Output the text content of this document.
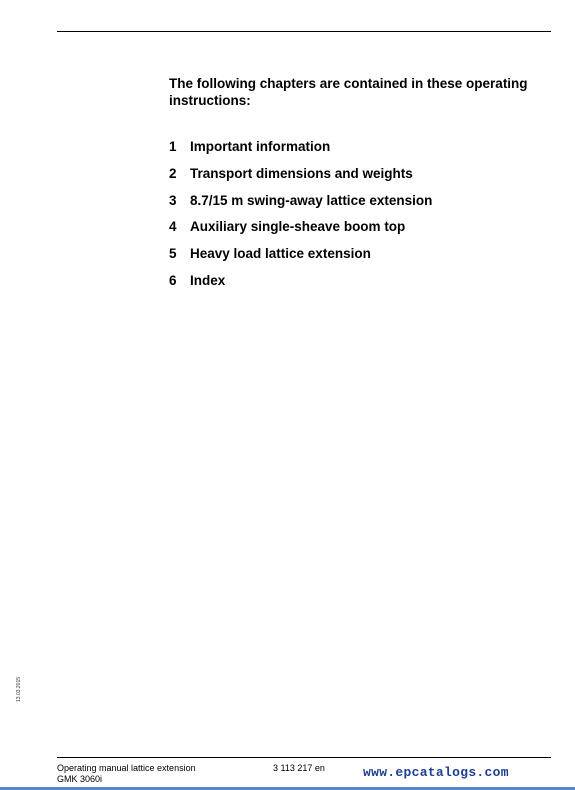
The following chapters are contained in these operating
instructions:
1 Important information
2 Transport dimensions and weights
3 8.7/15 m swing-away lattice extension
4 Auxiliary single-sheave boom top
5 Heavy load lattice extension
6 Index
13.03.2015
Operating manual lattice extension
GMK 3060i
3 113 217 en	www.epcatalogs.com
